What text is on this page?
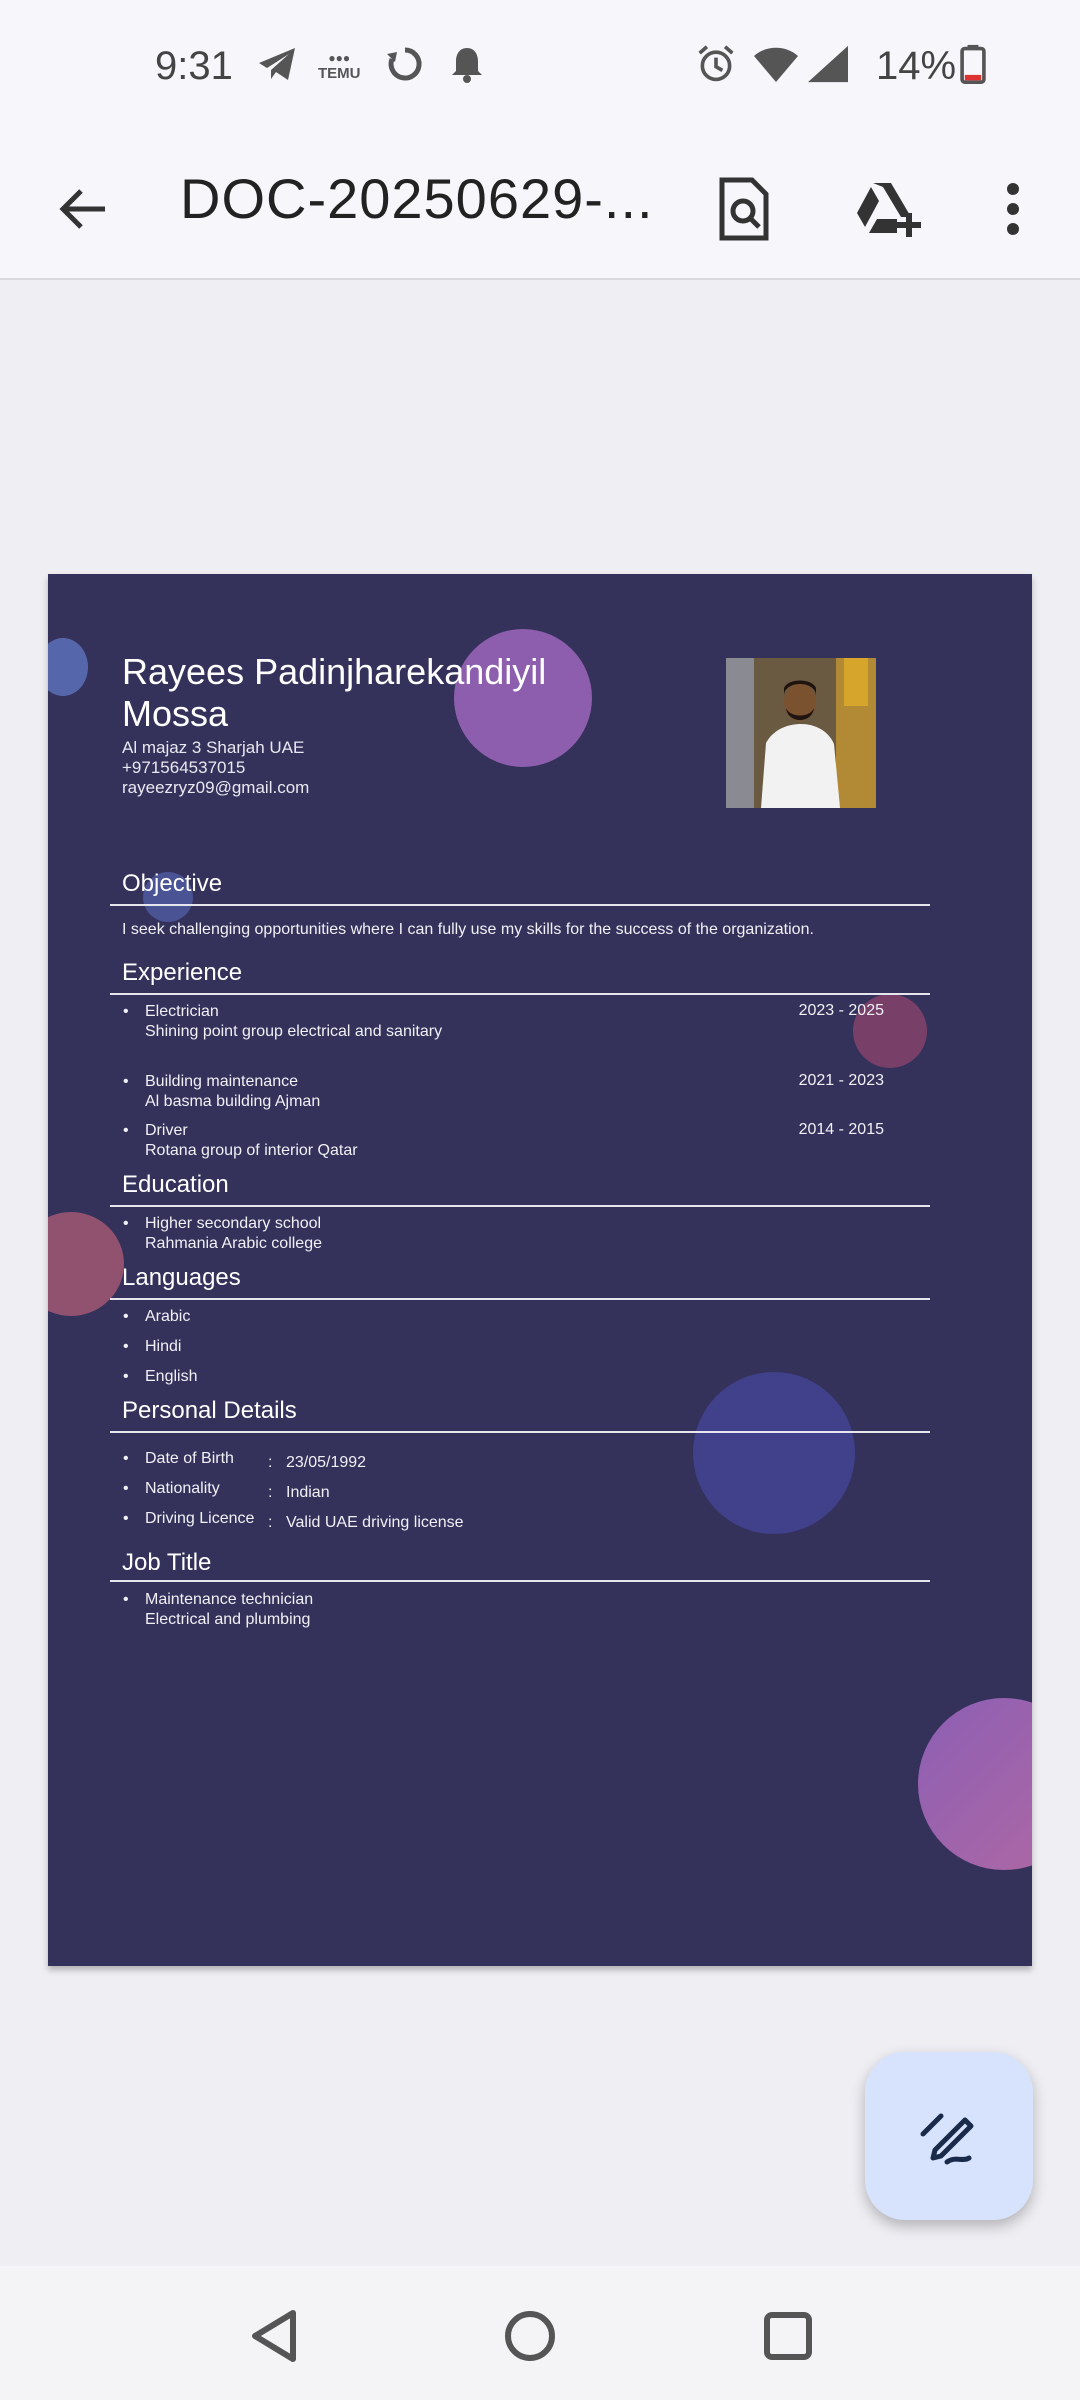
9:31	●●●
TEMU	14%
DOC-20250629-...
Rayees Padinjharekandiyil Mossa
Al majaz 3 Sharjah UAE
+971564537015
rayeezryz09@gmail.com
Objective
I seek challenging opportunities where I can fully use my skills for the success of the organization.
Experience
• Electrician
Shining point group electrical and sanitary
2023 - 2025
• Building maintenance
Al basma building Ajman
2021 - 2023
• Driver
Rotana group of interior Qatar
2014 - 2015
Education
• Higher secondary school
Rahmania Arabic college
Languages
• Arabic
• Hindi
• English
Personal Details
• Date of Birth : 23/05/1992
• Nationality	: Indian
• Driving Licence : Valid UAE driving license
Job Title
• Maintenance technician
Electrical and plumbing
